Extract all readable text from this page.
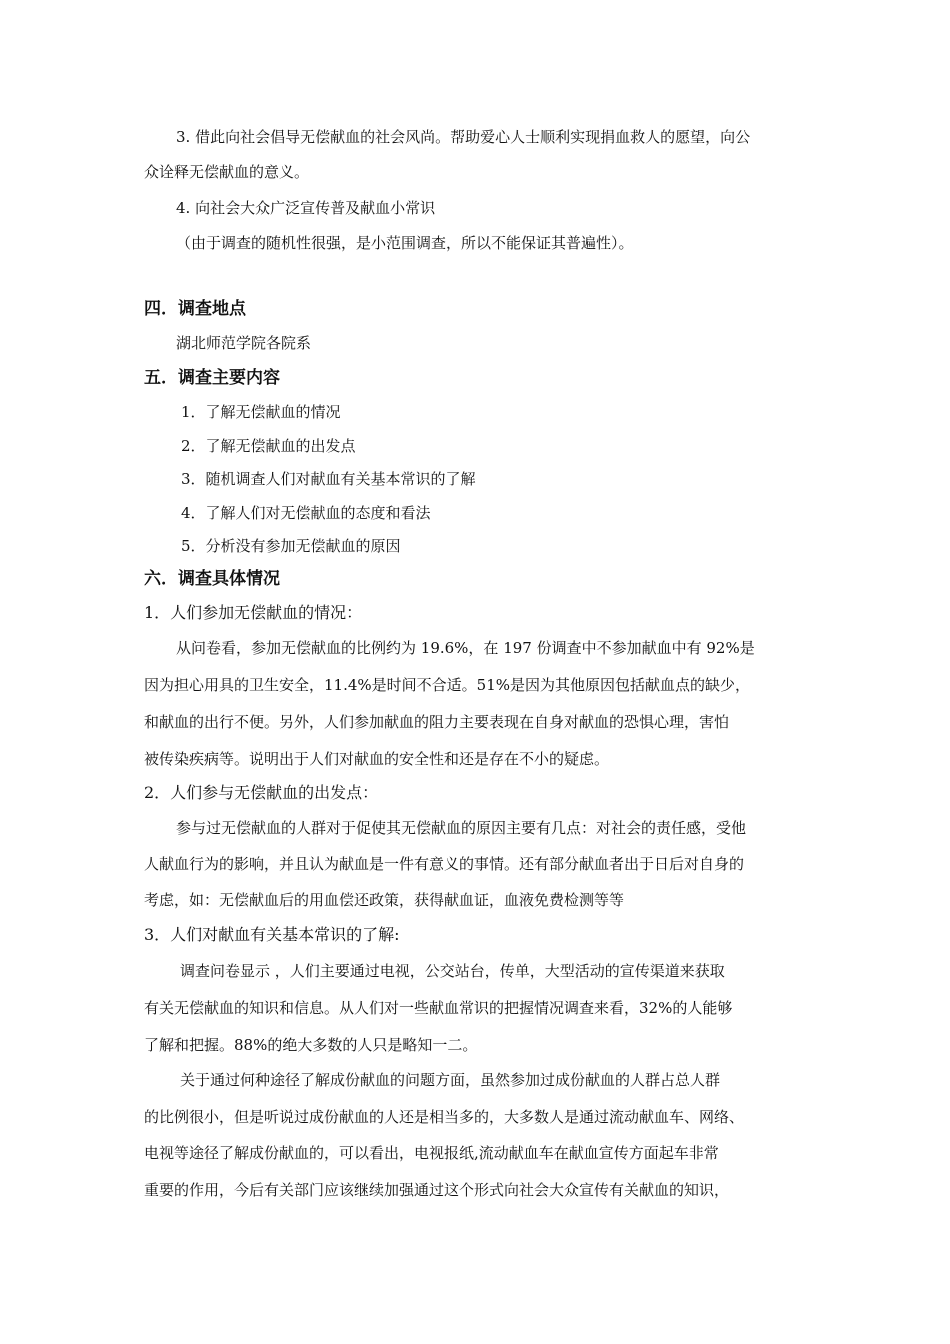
3. 借此向社会倡导无偿献血的社会风尚。帮助爱心人士顺利实现捐血救人的愿望，向公
众诠释无偿献血的意义。
4. 向社会大众广泛宣传普及献血小常识
（由于调查的随机性很强，是小范围调查，所以不能保证其普遍性）。
四．调查地点
湖北师范学院各院系
五．调查主要内容
1．了解无偿献血的情况
2．了解无偿献血的出发点
3．随机调查人们对献血有关基本常识的了解
4．了解人们对无偿献血的态度和看法
5．分析没有参加无偿献血的原因
六．调查具体情况
1．人们参加无偿献血的情况：
从问卷看，参加无偿献血的比例约为 19.6%，在 197 份调查中不参加献血中有 92%是
因为担心用具的卫生安全，11.4%是时间不合适。51%是因为其他原因包括献血点的缺少，
和献血的出行不便。另外，人们参加献血的阻力主要表现在自身对献血的恐惧心理，害怕
被传染疾病等。说明出于人们对献血的安全性和还是存在不小的疑虑。
2．人们参与无偿献血的出发点：
参与过无偿献血的人群对于促使其无偿献血的原因主要有几点：对社会的责任感，受他
人献血行为的影响，并且认为献血是一件有意义的事情。还有部分献血者出于日后对自身的
考虑，如：无偿献血后的用血偿还政策，获得献血证，血液免费检测等等
3．人们对献血有关基本常识的了解:
调查问卷显示 ，人们主要通过电视，公交站台，传单，大型活动的宣传渠道来获取
有关无偿献血的知识和信息。从人们对一些献血常识的把握情况调查来看，32%的人能够
了解和把握。88%的绝大多数的人只是略知一二。
关于通过何种途径了解成份献血的问题方面，虽然参加过成份献血的人群占总人群
的比例很小，但是听说过成份献血的人还是相当多的，大多数人是通过流动献血车、网络、
电视等途径了解成份献血的，可以看出，电视报纸,流动献血车在献血宣传方面起车非常
重要的作用，今后有关部门应该继续加强通过这个形式向社会大众宣传有关献血的知识，
